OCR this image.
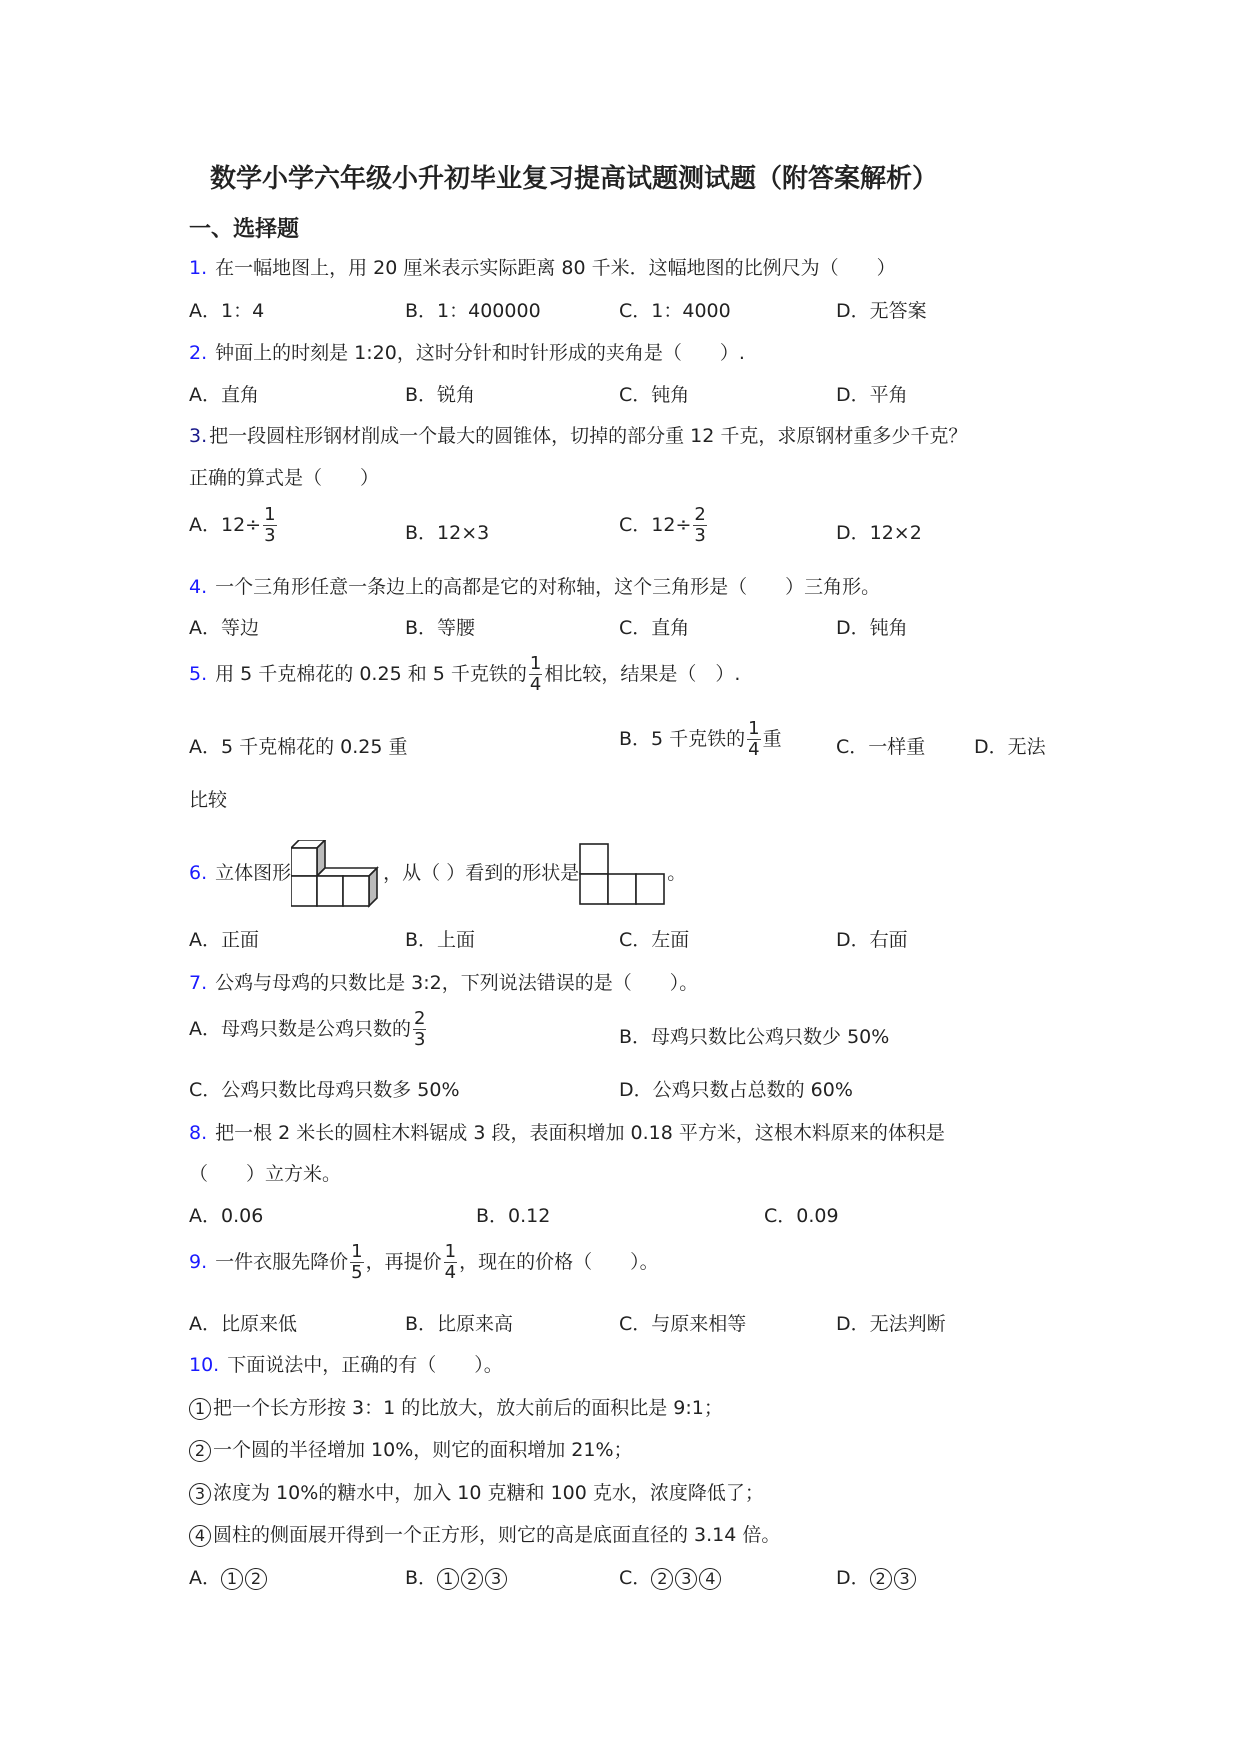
数学小学六年级小升初毕业复习提高试题测试题（附答案解析）
一、选择题
1. 在一幅地图上，用 20 厘米表示实际距离 80 千米．这幅地图的比例尺为（　　）
A．1：4	B．1：400000	C．1：4000	D．无答案
2. 钟面上的时刻是 1:20，这时分针和时针形成的夹角是（　　）.
A．直角	B．锐角	C．钝角	D．平角
3. 把一段圆柱形钢材削成一个最大的圆锥体，切掉的部分重 12 千克，求原钢材重多少千克？
正确的算式是（　　）
A．$12\div \frac{1}{3}$	B．12×3	C．$12\div \frac{2}{3}$	D．12×2
4. 一个三角形任意一条边上的高都是它的对称轴，这个三角形是（　　）三角形。
A．等边	B．等腰	C．直角	D．钝角
5. 用 5 千克棉花的 0.25 和 5 千克铁的 $\frac{1}{4}$ 相比较，结果是（　）.
A．5 千克棉花的 0.25 重	B．5 千克铁的 $\frac{1}{4}$ 重	C．一样重	D．无法
比较
6. 立体图形	，从（ ）看到的形状是	。
A．正面	B．上面	C．左面	D．右面
7. 公鸡与母鸡的只数比是 3:2，下列说法错误的是（　　）。
A．母鸡只数是公鸡只数的 $\frac{2}{3}$	B．母鸡只数比公鸡只数少 50%
C．公鸡只数比母鸡只数多 50%	D．公鸡只数占总数的 60%
8. 把一根 2 米长的圆柱木料锯成 3 段，表面积增加 0.18 平方米，这根木料原来的体积是
（　　）立方米。
A．0.06	B．0.12	C．0.09
9. 一件衣服先降价 $\frac{1}{5}$ ，再提价 $\frac{1}{4}$ ，现在的价格（　　）。
A．比原来低	B．比原来高	C．与原来相等	D．无法判断
10. 下面说法中，正确的有（　　）。
1 把一个长方形按 3：1 的比放大，放大前后的面积比是 9:1；
2 一个圆的半径增加 10%，则它的面积增加 21%；
3 浓度为 10%的糖水中，加入 10 克糖和 100 克水，浓度降低了；
4 圆柱的侧面展开得到一个正方形，则它的高是底面直径的 3.14 倍。
A． 1 2	B． 1 2 3	C． 2 3 4	D． 2 3
